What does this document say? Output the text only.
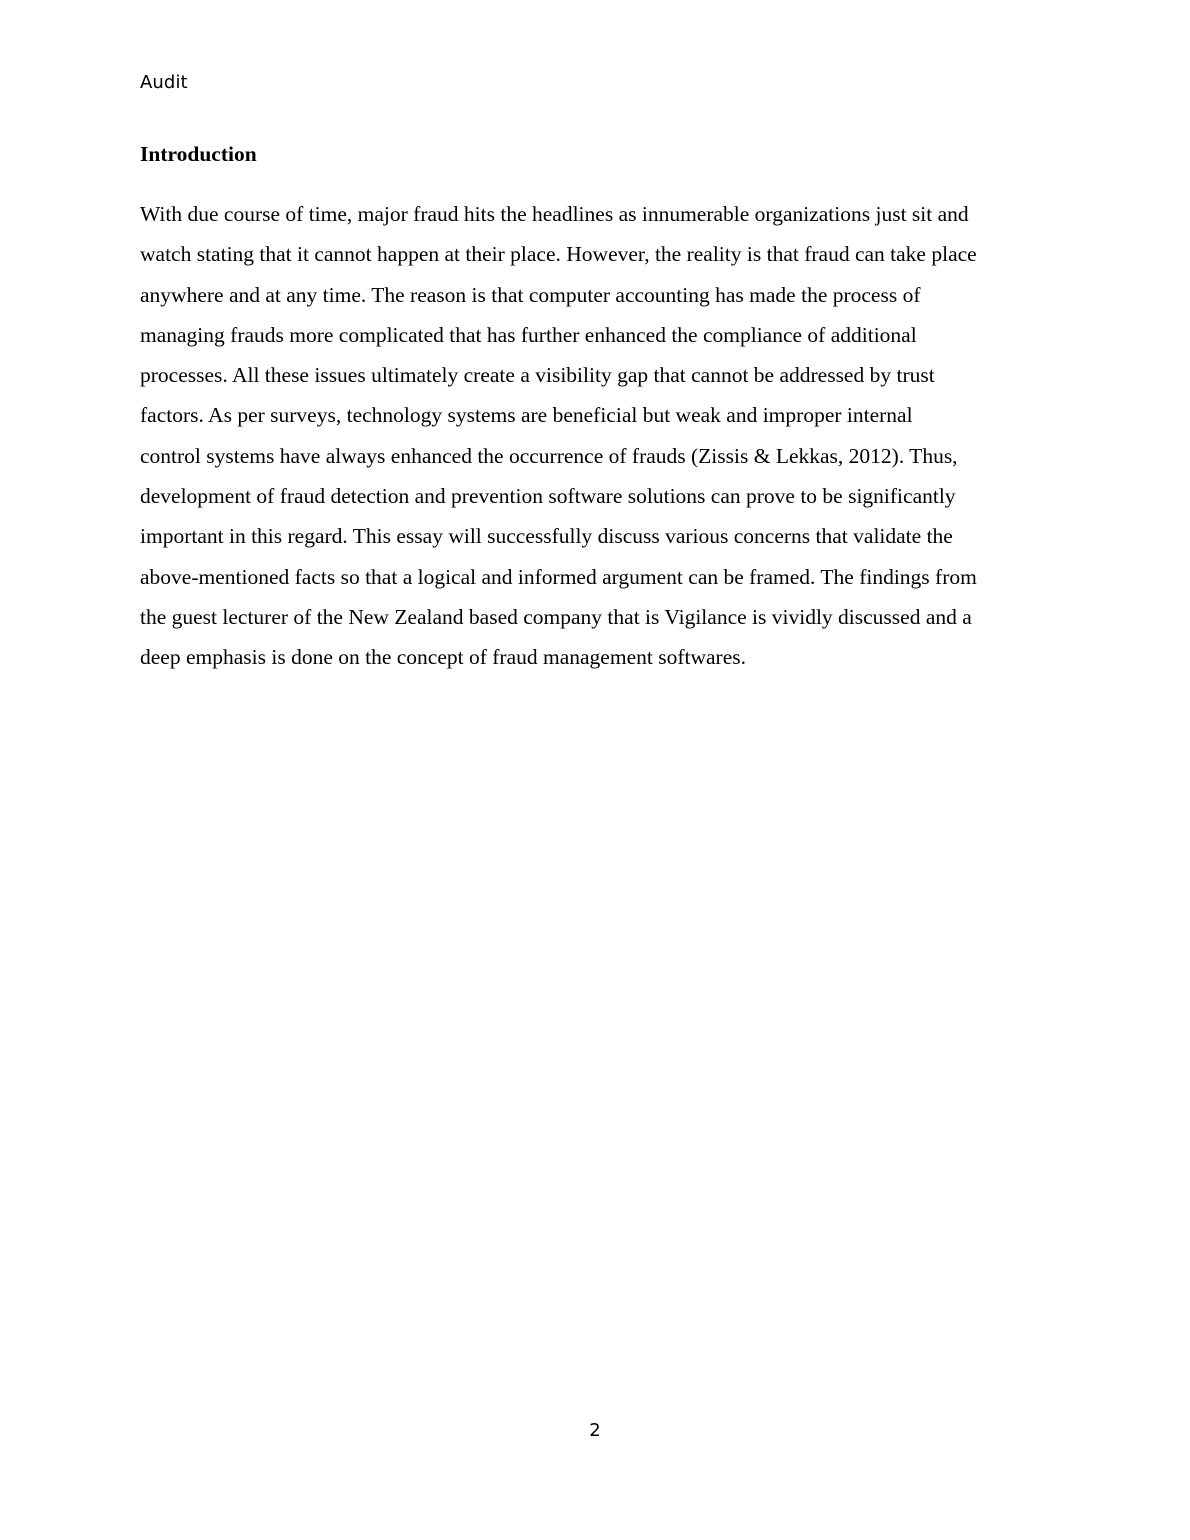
Audit
Introduction
With due course of time, major fraud hits the headlines as innumerable organizations just sit and
watch stating that it cannot happen at their place. However, the reality is that fraud can take place
anywhere and at any time. The reason is that computer accounting has made the process of
managing frauds more complicated that has further enhanced the compliance of additional
processes. All these issues ultimately create a visibility gap that cannot be addressed by trust
factors. As per surveys, technology systems are beneficial but weak and improper internal
control systems have always enhanced the occurrence of frauds (Zissis & Lekkas, 2012). Thus,
development of fraud detection and prevention software solutions can prove to be significantly
important in this regard. This essay will successfully discuss various concerns that validate the
above-mentioned facts so that a logical and informed argument can be framed. The findings from
the guest lecturer of the New Zealand based company that is Vigilance is vividly discussed and a
deep emphasis is done on the concept of fraud management softwares.
2
